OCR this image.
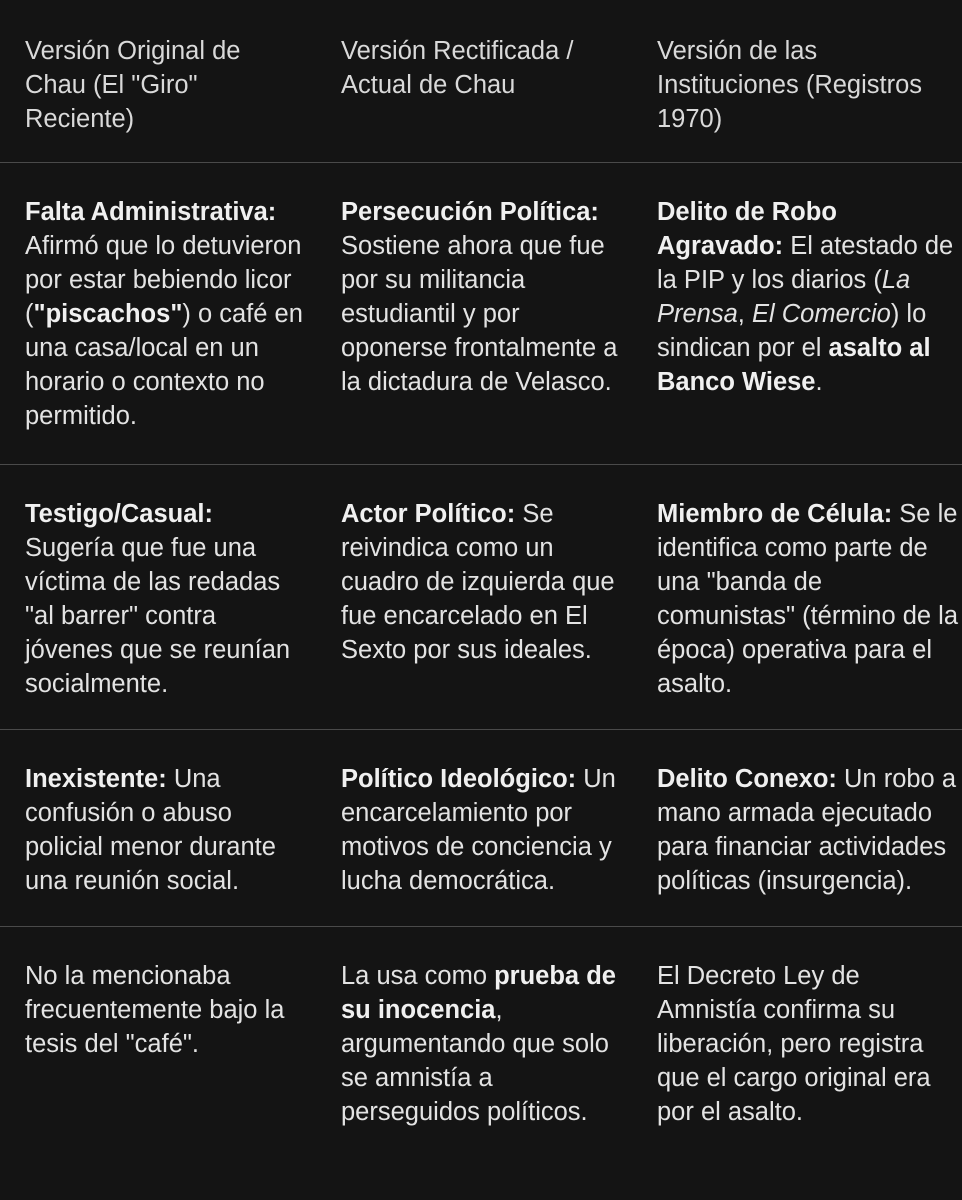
Versión Original de Chau (El "Giro" Reciente)	Versión Rectificada / Actual de Chau	Versión de las Instituciones (Registros 1970)
Falta Administrativa: Afirmó que lo detuvieron por estar bebiendo licor ("piscachos") o café en una casa/local en un horario o contexto no permitido.	Persecución Política: Sostiene ahora que fue por su militancia estudiantil y por oponerse frontalmente a la dictadura de Velasco.	Delito de Robo Agravado: El atestado de la PIP y los diarios (La Prensa, El Comercio) lo sindican por el asalto al Banco Wiese.
Testigo/Casual: Sugería que fue una víctima de las redadas "al barrer" contra jóvenes que se reunían socialmente.	Actor Político: Se reivindica como un cuadro de izquierda que fue encarcelado en El Sexto por sus ideales.	Miembro de Célula: Se le identifica como parte de una "banda de comunistas" (término de la época) operativa para el asalto.
Inexistente: Una confusión o abuso policial menor durante una reunión social.	Político Ideológico: Un encarcelamiento por motivos de conciencia y lucha democrática.	Delito Conexo: Un robo a mano armada ejecutado para financiar actividades políticas (insurgencia).
No la mencionaba frecuentemente bajo la tesis del "café".	La usa como prueba de su inocencia, argumentando que solo se amnistía a perseguidos políticos.	El Decreto Ley de Amnistía confirma su liberación, pero registra que el cargo original era por el asalto.
